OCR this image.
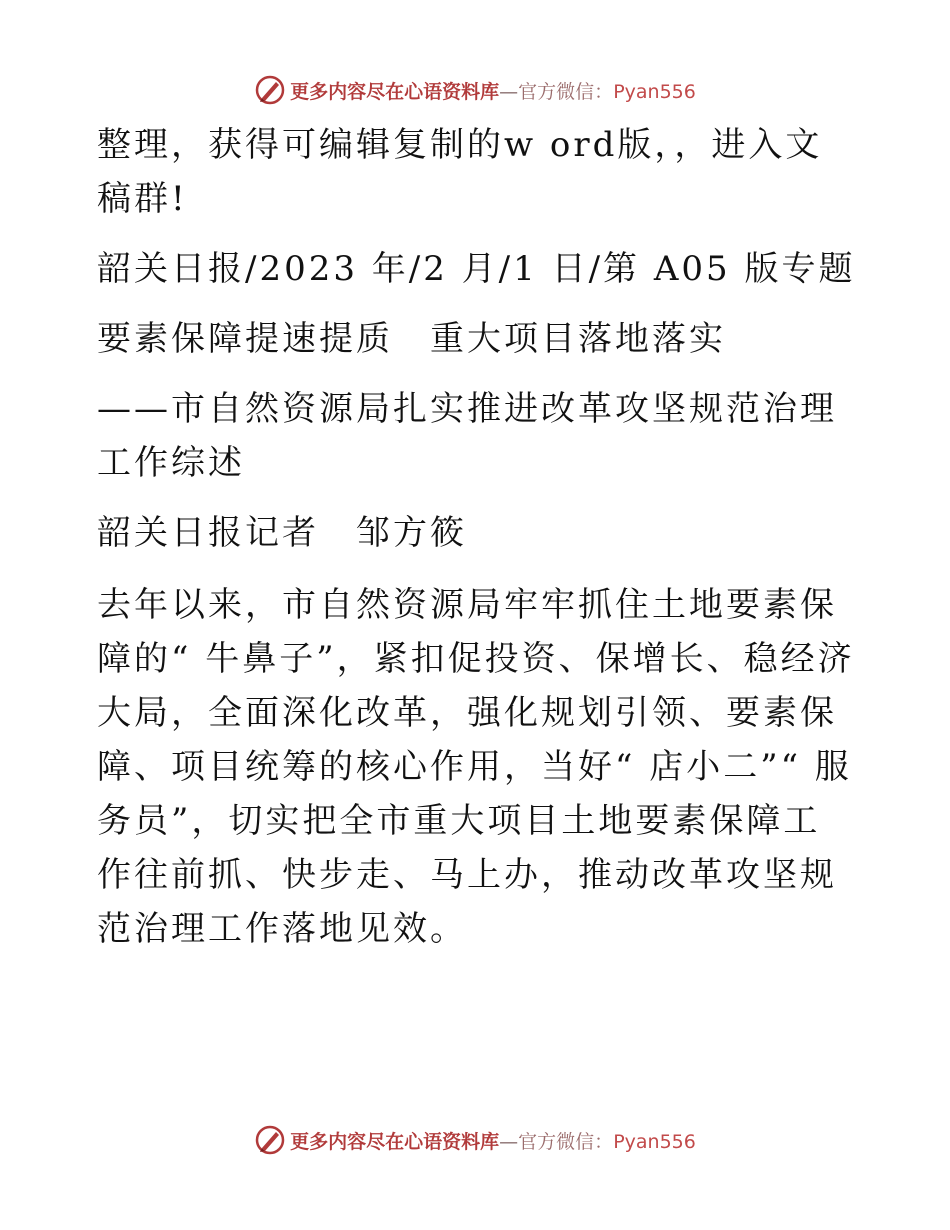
更多内容尽在心语资料库—官方微信：Pyan556

整理，获得可编辑复制的w ord版，，进入文稿群!

韶关日报/2023 年/2 月/1 日/第 A05 版专题

要素保障提速提质　重大项目落地落实

——市自然资源局扎实推进改革攻坚规范治理工作综述

韶关日报记者　邹方筱

去年以来，市自然资源局牢牢抓住土地要素保障的“ 牛鼻子”，紧扣促投资、保增长、稳经济大局，全面深化改革，强化规划引领、要素保障、项目统筹的核心作用，当好“ 店小二”“ 服务员”，切实把全市重大项目土地要素保障工作往前抓、快步走、马上办，推动改革攻坚规范治理工作落地见效。

更多内容尽在心语资料库—官方微信：Pyan556
